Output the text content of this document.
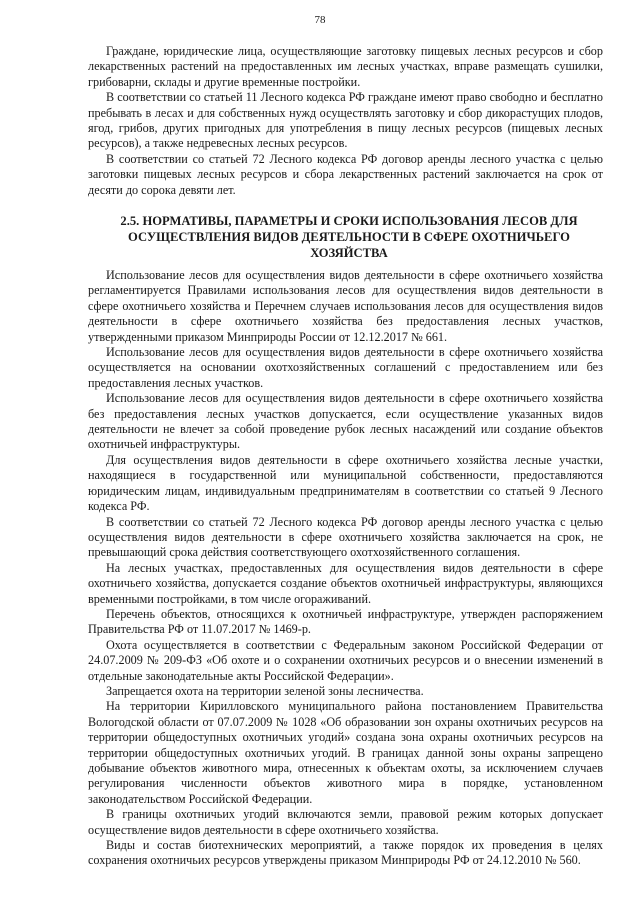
78

Граждане, юридические лица, осуществляющие заготовку пищевых лесных ресурсов и сбор лекарственных растений на предоставленных им лесных участках, вправе размещать сушилки, грибоварни, склады и другие временные постройки.

В соответствии со статьей 11 Лесного кодекса РФ граждане имеют право свободно и бесплатно пребывать в лесах и для собственных нужд осуществлять заготовку и сбор дикорастущих плодов, ягод, грибов, других пригодных для употребления в пищу лесных ресурсов (пищевых лесных ресурсов), а также недревесных лесных ресурсов.

В соответствии со статьей 72 Лесного кодекса РФ договор аренды лесного участка с целью заготовки пищевых лесных ресурсов и сбора лекарственных растений заключается на срок от десяти до сорока девяти лет.

2.5. НОРМАТИВЫ, ПАРАМЕТРЫ И СРОКИ ИСПОЛЬЗОВАНИЯ ЛЕСОВ ДЛЯ ОСУЩЕСТВЛЕНИЯ ВИДОВ ДЕЯТЕЛЬНОСТИ В СФЕРЕ ОХОТНИЧЬЕГО ХОЗЯЙСТВА

Использование лесов для осуществления видов деятельности в сфере охотничьего хозяйства регламентируется Правилами использования лесов для осуществления видов деятельности в сфере охотничьего хозяйства и Перечнем случаев использования лесов для осуществления видов деятельности в сфере охотничьего хозяйства без предоставления лесных участков, утвержденными приказом Минприроды России от 12.12.2017 № 661.

Использование лесов для осуществления видов деятельности в сфере охотничьего хозяйства осуществляется на основании охотхозяйственных соглашений с предоставлением или без предоставления лесных участков.

Использование лесов для осуществления видов деятельности в сфере охотничьего хозяйства без предоставления лесных участков допускается, если осуществление указанных видов деятельности не влечет за собой проведение рубок лесных насаждений или создание объектов охотничьей инфраструктуры.

Для осуществления видов деятельности в сфере охотничьего хозяйства лесные участки, находящиеся в государственной или муниципальной собственности, предоставляются юридическим лицам, индивидуальным предпринимателям в соответствии со статьей 9 Лесного кодекса РФ.

В соответствии со статьей 72 Лесного кодекса РФ договор аренды лесного участка с целью осуществления видов деятельности в сфере охотничьего хозяйства заключается на срок, не превышающий срока действия соответствующего охотхозяйственного соглашения.

На лесных участках, предоставленных для осуществления видов деятельности в сфере охотничьего хозяйства, допускается создание объектов охотничьей инфраструктуры, являющихся временными постройками, в том числе огораживаний.

Перечень объектов, относящихся к охотничьей инфраструктуре, утвержден распоряжением Правительства РФ от 11.07.2017 № 1469-р.

Охота осуществляется в соответствии с Федеральным законом Российской Федерации от 24.07.2009 № 209-ФЗ «Об охоте и о сохранении охотничьих ресурсов и о внесении изменений в отдельные законодательные акты Российской Федерации».

Запрещается охота на территории зеленой зоны лесничества.

На территории Кирилловского муниципального района постановлением Правительства Вологодской области от 07.07.2009 № 1028 «Об образовании зон охраны охотничьих ресурсов на территории общедоступных охотничьих угодий» создана зона охраны охотничьих ресурсов на территории общедоступных охотничьих угодий. В границах данной зоны охраны запрещено добывание объектов животного мира, отнесенных к объектам охоты, за исключением случаев регулирования численности объектов животного мира в порядке, установленном законодательством Российской Федерации.

В границы охотничьих угодий включаются земли, правовой режим которых допускает осуществление видов деятельности в сфере охотничьего хозяйства.

Виды и состав биотехнических мероприятий, а также порядок их проведения в целях сохранения охотничьих ресурсов утверждены приказом Минприроды РФ от 24.12.2010 № 560.
